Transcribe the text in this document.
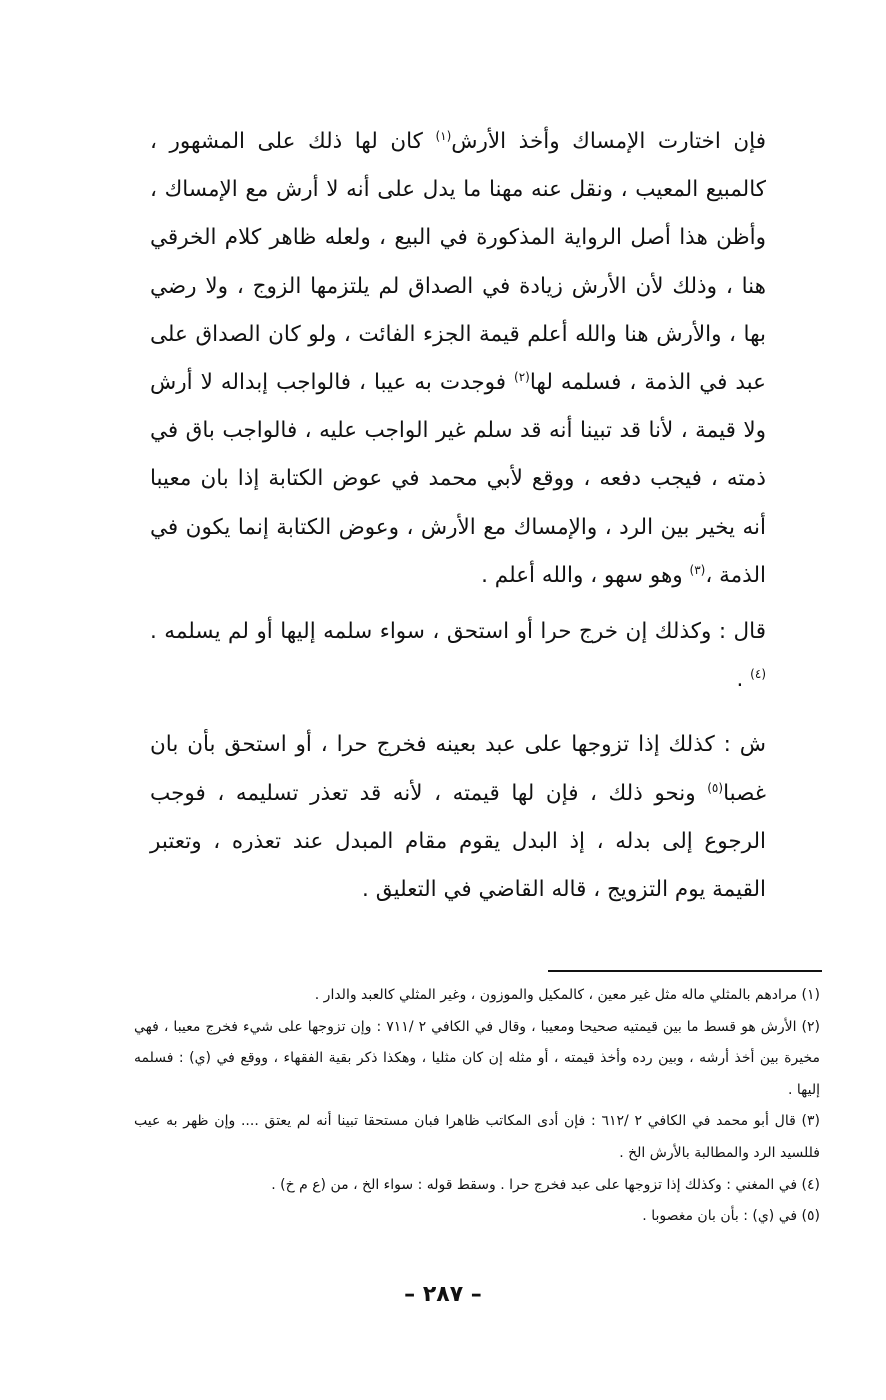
فإن اختارت الإمساك وأخذ الأرش$^{(١)}$ كان لها ذلك على المشهور ، كالمبيع المعيب ، ونقل عنه مهنا ما يدل على أنه لا أرش مع الإمساك ، وأظن هذا أصل الرواية المذكورة في البيع ، ولعله ظاهر كلام الخرقي هنا ، وذلك لأن الأرش زيادة في الصداق لم يلتزمها الزوج ، ولا رضي بها ، والأرش هنا والله أعلم قيمة الجزء الفائت ، ولو كان الصداق على عبد في الذمة ، فسلمه لها$^{(٢)}$ فوجدت به عيبا ، فالواجب إبداله لا أرش ولا قيمة ، لأنا قد تبينا أنه قد سلم غير الواجب عليه ، فالواجب باق في ذمته ، فيجب دفعه ، ووقع لأبي محمد في عوض الكتابة إذا بان معيبا أنه يخير بين الرد ، والإمساك مع الأرش ، وعوض الكتابة إنما يكون في الذمة ،$^{(٣)}$ وهو سهو ، والله أعلم .

قال : وكذلك إن خرج حرا أو استحق ، سواء سلمه إليها أو لم يسلمه .$^{(٤)}$ .

ش : كذلك إذا تزوجها على عبد بعينه فخرج حرا ، أو استحق بأن بان غصبا$^{(٥)}$ ونحو ذلك ، فإن لها قيمته ، لأنه قد تعذر تسليمه ، فوجب الرجوع إلى بدله ، إذ البدل يقوم مقام المبدل عند تعذره ، وتعتبر القيمة يوم التزويج ، قاله القاضي في التعليق .

(١) مرادهم بالمثلي ماله مثل غير معين ، كالمكيل والموزون ، وغير المثلي كالعبد والدار .

(٢) الأرش هو قسط ما بين قيمتيه صحيحا ومعيبا ، وقال في الكافي ٢ /٧١١ : وإن تزوجها على شيء فخرج معيبا ، فهي مخيرة بين أخذ أرشه ، وبين رده وأخذ قيمته ، أو مثله إن كان مثليا ، وهكذا ذكر بقية الفقهاء ، ووقع في (ي) : فسلمه إليها .

(٣) قال أبو محمد في الكافي ٢ /٦١٢ : فإن أدى المكاتب ظاهرا فبان مستحقا تبينا أنه لم يعتق .... وإن ظهر به عيب فللسيد الرد والمطالبة بالأرش الخ .

(٤) في المغني : وكذلك إذا تزوجها على عبد فخرج حرا . وسقط قوله : سواء الخ ، من (ع م خ) .

(٥) في (ي) : بأن بان مغصوبا .

– ٢٨٧ –
